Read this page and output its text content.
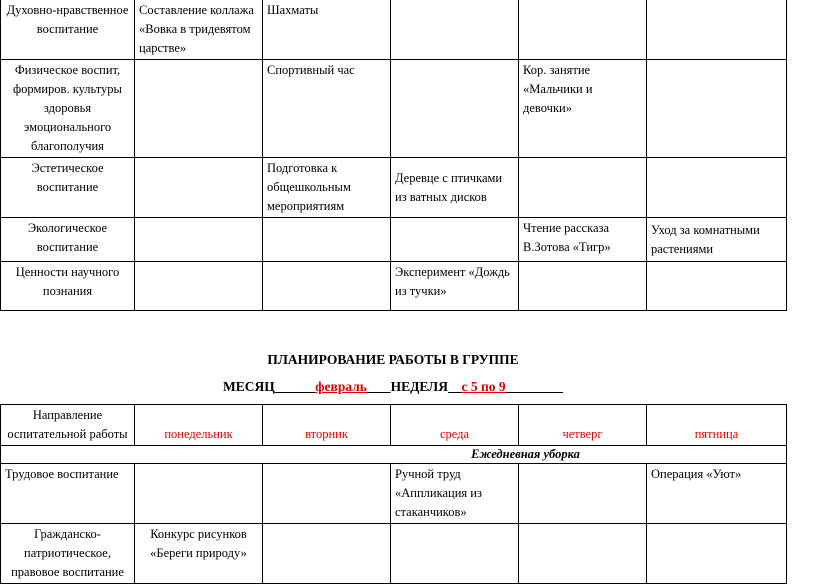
Духовно-нравственное воспитание	Составление коллажа «Вовка в тридевятом царстве»	Шахматы			
Физическое воспит, формиров. культуры здоровья эмоционального благополучия		Спортивный час		Кор. занятие «Мальчики и девочки»	
Эстетическое воспитание		Подготовка к общешкольным мероприятиям	Деревце с птичками из ватных дисков		
Экологическое воспитание				Чтение рассказа В.Зотова «Тигр»	Уход за комнатными растениями
Ценности научного познания			Эксперимент «Дождь из тучки»		
ПЛАНИРОВАНИЕ РАБОТЫ В ГРУППЕ
МЕСЯЦ	февраль НЕДЕЛЯ с 5 по 9
Направление оспитательной работы	понедельник	вторник	среда	четверг	пятница
Ежедневная уборка					
Трудовое воспитание			Ручной труд «Аппликация из стаканчиков»		Операция «Уют»
Гражданско-патриотическое, правовое воспитание	Конкурс рисунков «Береги природу»				
